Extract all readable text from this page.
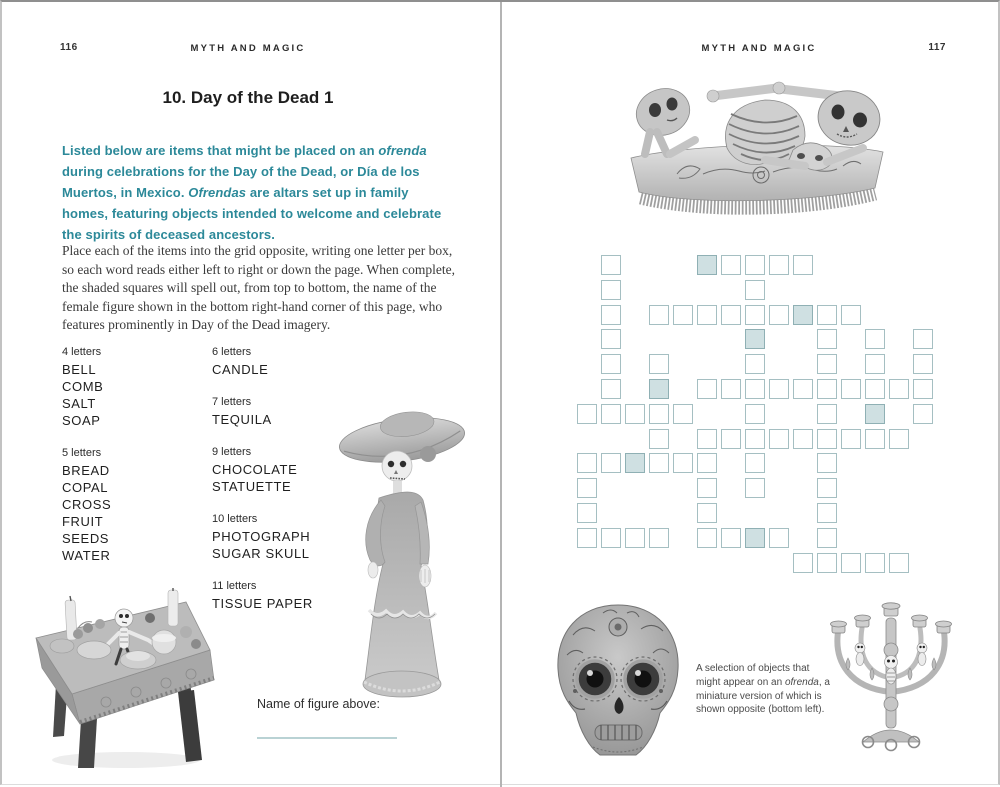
116	MYTH AND MAGIC
10. Day of the Dead 1

Listed below are items that might be placed on an ofrenda during celebrations for the Day of the Dead, or Día de los Muertos, in Mexico. Ofrendas are altars set up in family homes, featuring objects intended to welcome and celebrate the spirits of deceased ancestors.

Place each of the items into the grid opposite, writing one letter per box, so each word reads either left to right or down the page. When complete, the shaded squares will spell out, from top to bottom, the name of the female figure shown in the bottom right-hand corner of this page, who features prominently in Day of the Dead imagery.

4 letters
BELL
COMB
SALT
SOAP
5 letters
BREAD
COPAL
CROSS
FRUIT
SEEDS
WATER
6 letters
CANDLE
7 letters
TEQUILA
9 letters
CHOCOLATE
STATUETTE
10 letters
PHOTOGRAPH
SUGAR SKULL
11 letters
TISSUE PAPER
Name of figure above:
MYTH AND MAGIC	117

A selection of objects that might appear on an ofrenda, a miniature version of which is shown opposite (bottom left).
